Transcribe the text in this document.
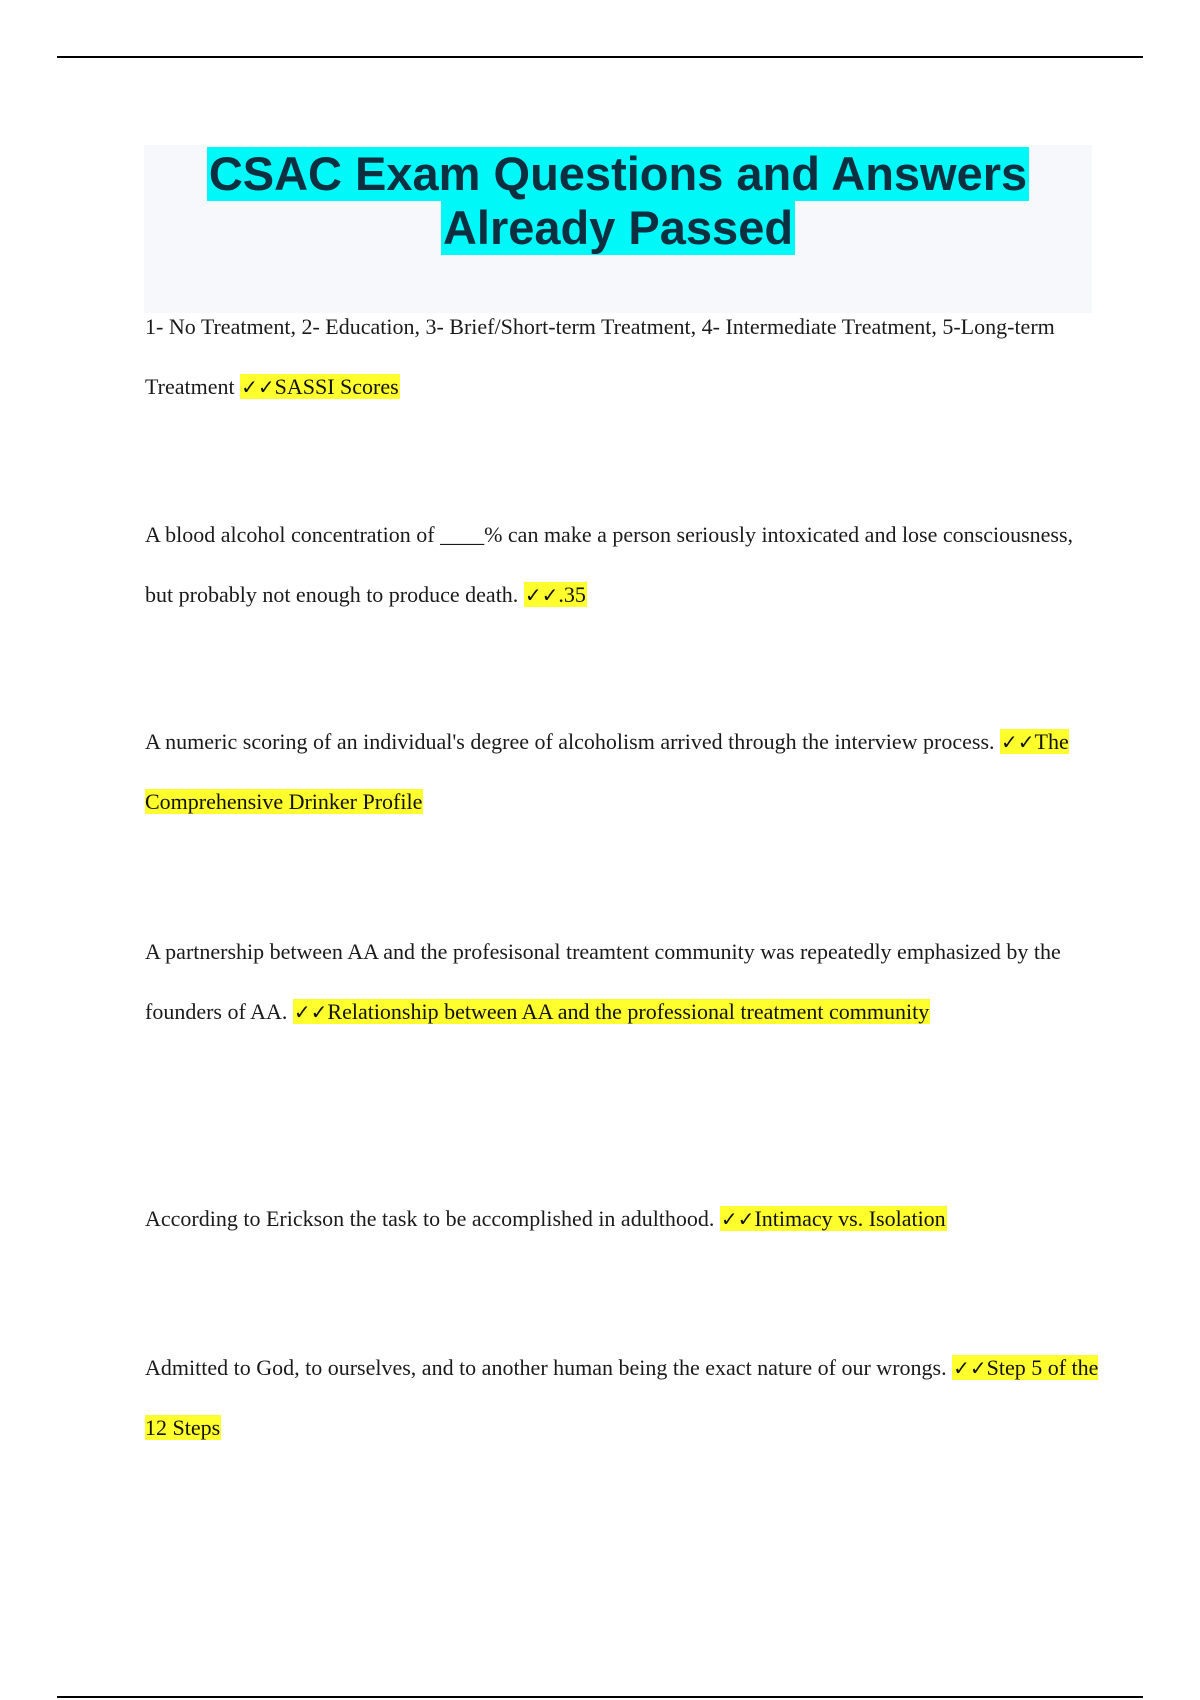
CSAC Exam Questions and Answers
Already Passed
1- No Treatment, 2- Education, 3- Brief/Short-term Treatment, 4- Intermediate Treatment, 5-Long-term Treatment ✓✓SASSI Scores
A blood alcohol concentration of ____% can make a person seriously intoxicated and lose consciousness, but probably not enough to produce death. ✓✓.35
A numeric scoring of an individual's degree of alcoholism arrived through the interview process. ✓✓The Comprehensive Drinker Profile
A partnership between AA and the profesisonal treamtent community was repeatedly emphasized by the founders of AA. ✓✓Relationship between AA and the professional treatment community
According to Erickson the task to be accomplished in adulthood. ✓✓Intimacy vs. Isolation
Admitted to God, to ourselves, and to another human being the exact nature of our wrongs. ✓✓Step 5 of the 12 Steps
